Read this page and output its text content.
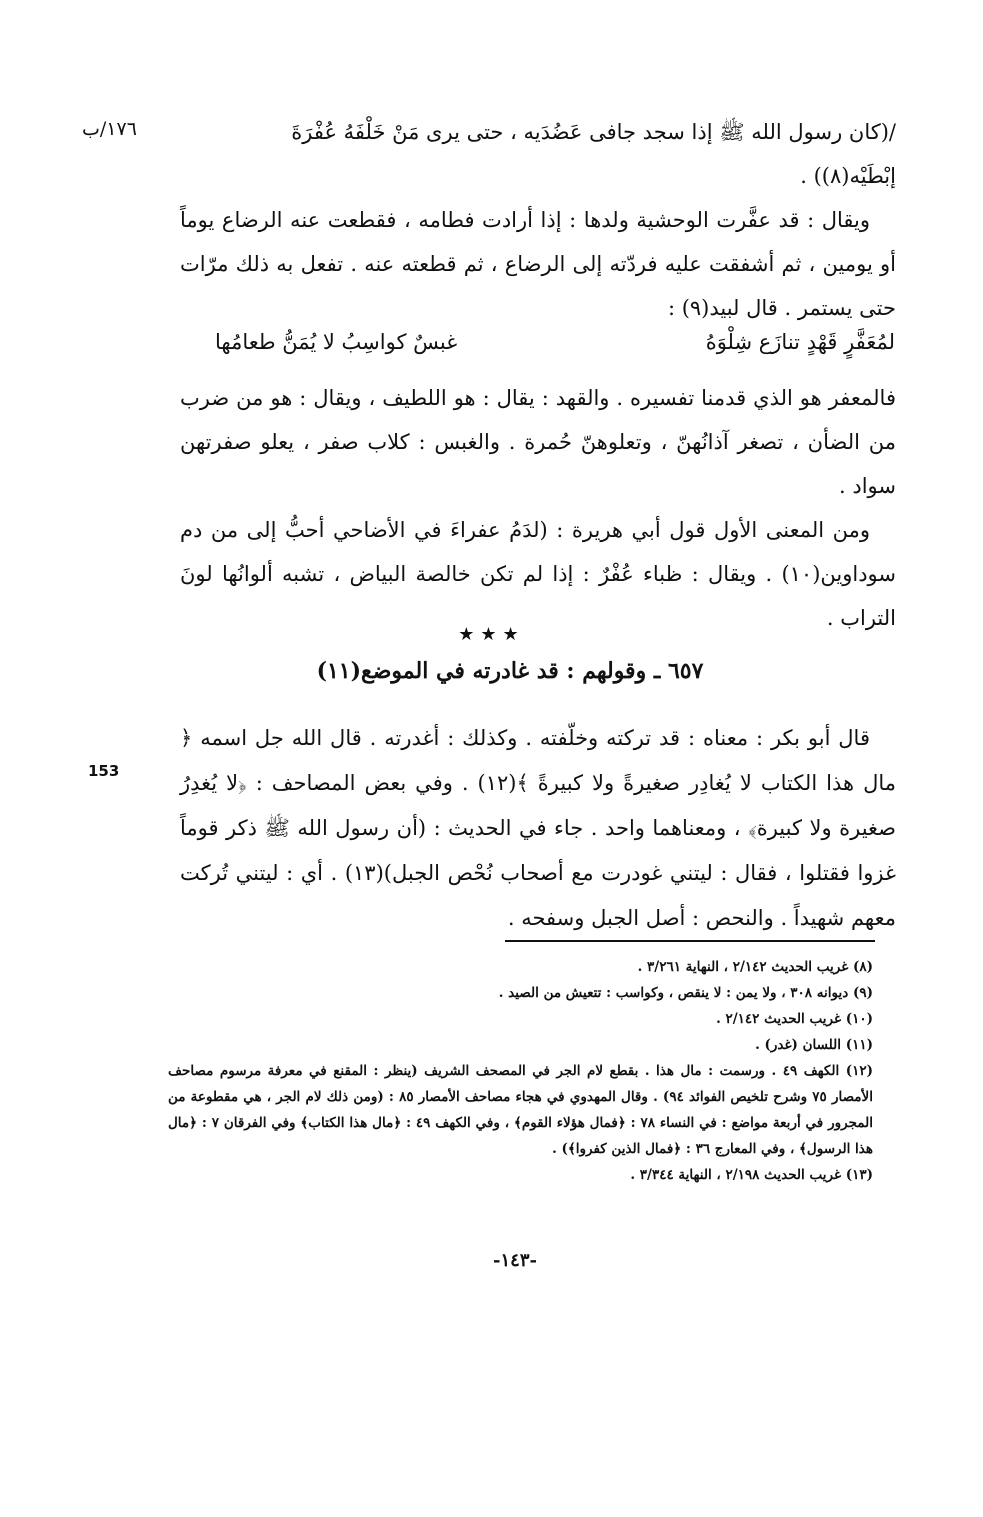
١٧٦/ب
153

/(كان رسول الله ﷺ إذا سجد جافى عَضُدَيه ، حتى يرى مَنْ خَلْفَهُ عُفْرَةَ

إبْطَيْه(٨)) .

ويقال : قد عفَّرت الوحشية ولدها : إذا أرادت فطامه ، فقطعت عنه الرضاع يوماً أو يومين ، ثم أشفقت عليه فردّته إلى الرضاع ، ثم قطعته عنه . تفعل به ذلك مرّات حتى يستمر . قال لبيد(٩) :

لمُعَفَّرٍ قَهْدٍ تنازَع شِلْوَهُ
غبسٌ كواسِبُ لا يُمَنُّ طعامُها

فالمعفر هو الذي قدمنا تفسيره . والقهد : يقال : هو اللطيف ، ويقال : هو من ضرب من الضأن ، تصغر آذانُهنّ ، وتعلوهنّ حُمرة . والغبس : كلاب صفر ، يعلو صفرتهن سواد .

ومن المعنى الأول قول أبي هريرة : (لدَمُ عفراءَ في الأضاحي أحبُّ إلى من دم سوداوين(١٠) . ويقال : ظباء عُفْرٌ : إذا لم تكن خالصة البياض ، تشبه ألوانُها لونَ التراب .

★★★
٦٥٧ ـ وقولهم : قد غادرته في الموضع(١١)

قال أبو بكر : معناه : قد تركته وخلّفته . وكذلك : أغدرته . قال الله جل اسمه ﴿ مال هذا الكتاب لا يُغادِر صغيرةً ولا كبيرةً ﴾(١٢) . وفي بعض المصاحف : ﴿لا يُغدِرُ صغيرة ولا كبيرة﴾ ، ومعناهما واحد . جاء في الحديث : (أن رسول الله ﷺ ذكر قوماً غزوا فقتلوا ، فقال : ليتني غودرت مع أصحاب نُحْص الجبل)(١٣) . أي : ليتني تُركت معهم شهيداً . والنحص : أصل الجبل وسفحه .

(٨) غريب الحديث ٢/١٤٢ ، النهاية ٣/٢٦١ .

(٩) ديوانه ٣٠٨ ، ولا يمن : لا ينقص ، وكواسب : تتعيش من الصيد .

(١٠) غريب الحديث ٢/١٤٢ .

(١١) اللسان (غدر) .

(١٢) الكهف ٤٩ . ورسمت : مال هذا . بقطع لام الجر في المصحف الشريف (ينظر : المقنع في معرفة مرسوم مصاحف الأمصار ٧٥ وشرح تلخيص الفوائد ٩٤) . وقال المهدوي في هجاء مصاحف الأمصار ٨٥ : (ومن ذلك لام الجر ، هي مقطوعة من المجرور في أربعة مواضع : في النساء ٧٨ : ﴿فمال هؤلاء القوم﴾ ، وفي الكهف ٤٩ : ﴿مال هذا الكتاب﴾ وفي الفرقان ٧ : ﴿مال هذا الرسول﴾ ، وفي المعارج ٣٦ : ﴿فمال الذين كفروا﴾) .

(١٣) غريب الحديث ٢/١٩٨ ، النهاية ٣/٣٤٤ .

-١٤٣-
